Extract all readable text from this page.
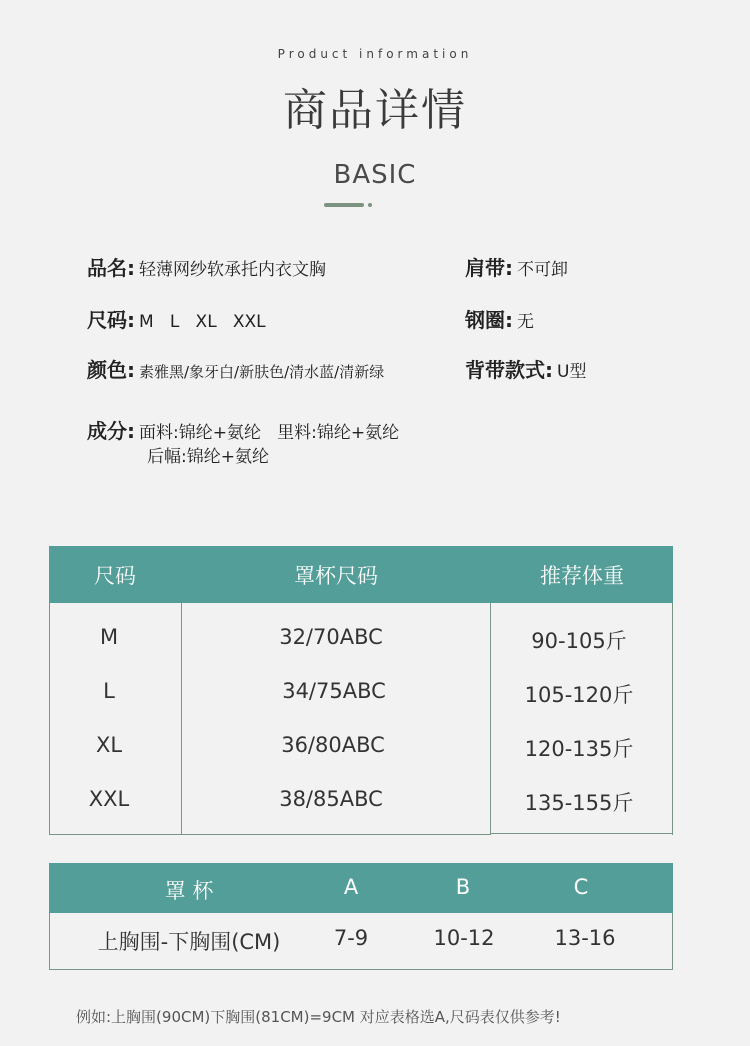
Product information
商品详情
BASIC
品名: 轻薄网纱软承托内衣文胸	肩带: 不可卸
尺码: M   L   XL   XXL	钢圈: 无
颜色: 素雅黑/象牙白/新肤色/清水蓝/清新绿	背带款式: U型
成分: 面料:锦纶+氨纶   里料:锦纶+氨纶
后幅:锦纶+氨纶
尺码	罩杯尺码	推荐体重
M	32/70ABC	90-105斤
L	34/75ABC	105-120斤
XL	36/80ABC	120-135斤
XXL	38/85ABC	135-155斤
罩 杯	A	B	C
上胸围-下胸围(CM)	7-9	10-12	13-16
例如:上胸围(90CM)下胸围(81CM)=9CM 对应表格选A,尺码表仅供参考!
